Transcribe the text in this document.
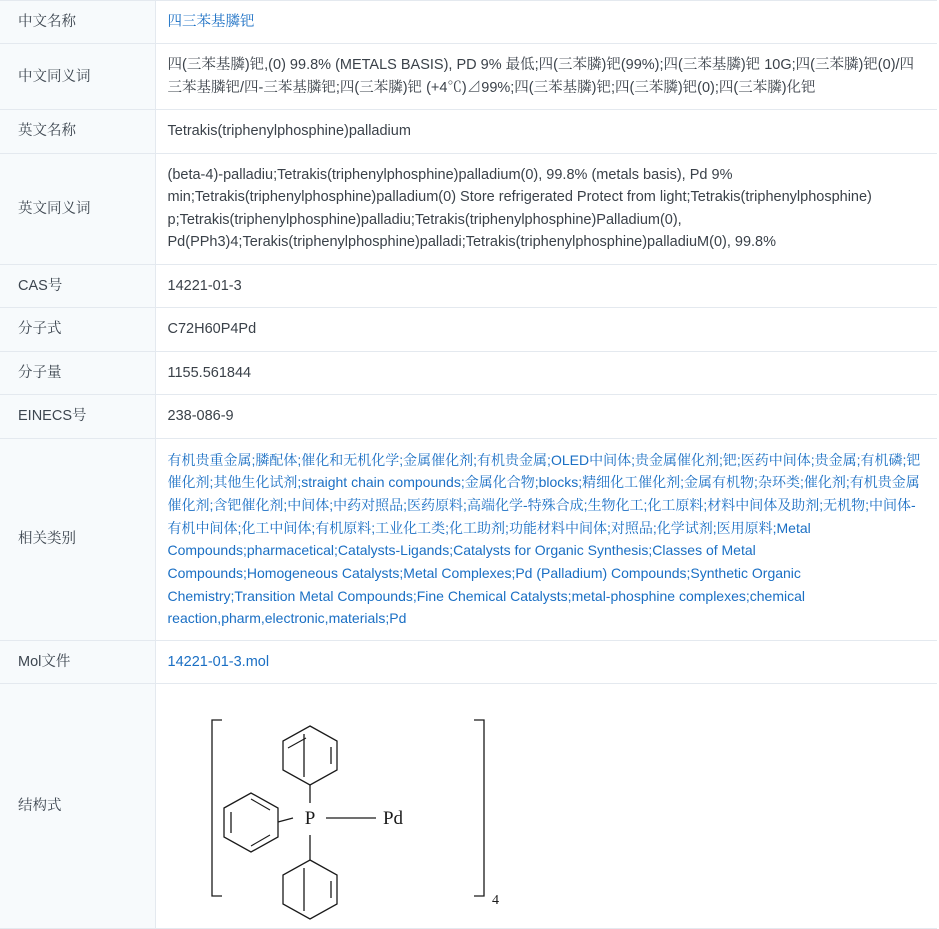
中文名称	四三苯基膦钯
中文同义词	四(三苯基膦)钯,(0) 99.8% (METALS BASIS), PD 9% 最低;四(三苯膦)钯(99%);四(三苯基膦)钯 10G;四(三苯膦)钯(0)/四三苯基膦钯/四-三苯基膦钯;四(三苯膦)钯 (+4℃)⊿99%;四(三苯基膦)钯;四(三苯膦)钯(0);四(三苯膦)化钯
英文名称	Tetrakis(triphenylphosphine)palladium
英文同义词	(beta-4)-palladiu;Tetrakis(triphenylphosphine)palladium(0), 99.8% (metals basis), Pd 9% min;Tetrakis(triphenylphosphine)palladium(0) Store refrigerated Protect from light;Tetrakis(triphenylphosphine) p;Tetrakis(triphenylphosphine)palladiu;Tetrakis(triphenylphosphine)Palladium(0), Pd(PPh3)4;Terakis(triphenylphosphine)palladi;Tetrakis(triphenylphosphine)palladiuM(0), 99.8%
CAS号	14221-01-3
分子式	C72H60P4Pd
分子量	1155.561844
EINECS号	238-086-9
相关类别	有机贵重金属;膦配体;催化和无机化学;金属催化剂;有机贵金属;OLED中间体;贵金属催化剂;钯;医药中间体;贵金属;有机磷;钯催化剂;其他生化试剂;straight chain compounds;金属化合物;blocks;精细化工催化剂;金属有机物;杂环类;催化剂;有机贵金属催化剂;含钯催化剂;中间体;中药对照品;医药原料;高端化学-特殊合成;生物化工;化工原料;材料中间体及助剂;无机物;中间体-有机中间体;化工中间体;有机原料;工业化工类;化工助剂;功能材料中间体;对照品;化学试剂;医用原料;Metal Compounds;pharmacetical;Catalysts-Ligands;Catalysts for Organic Synthesis;Classes of Metal Compounds;Homogeneous Catalysts;Metal Complexes;Pd (Palladium) Compounds;Synthetic Organic Chemistry;Transition Metal Compounds;Fine Chemical Catalysts;metal-phosphine complexes;chemical reaction,pharm,electronic,materials;Pd
Mol文件	14221-01-3.mol
结构式	P Pd
4
